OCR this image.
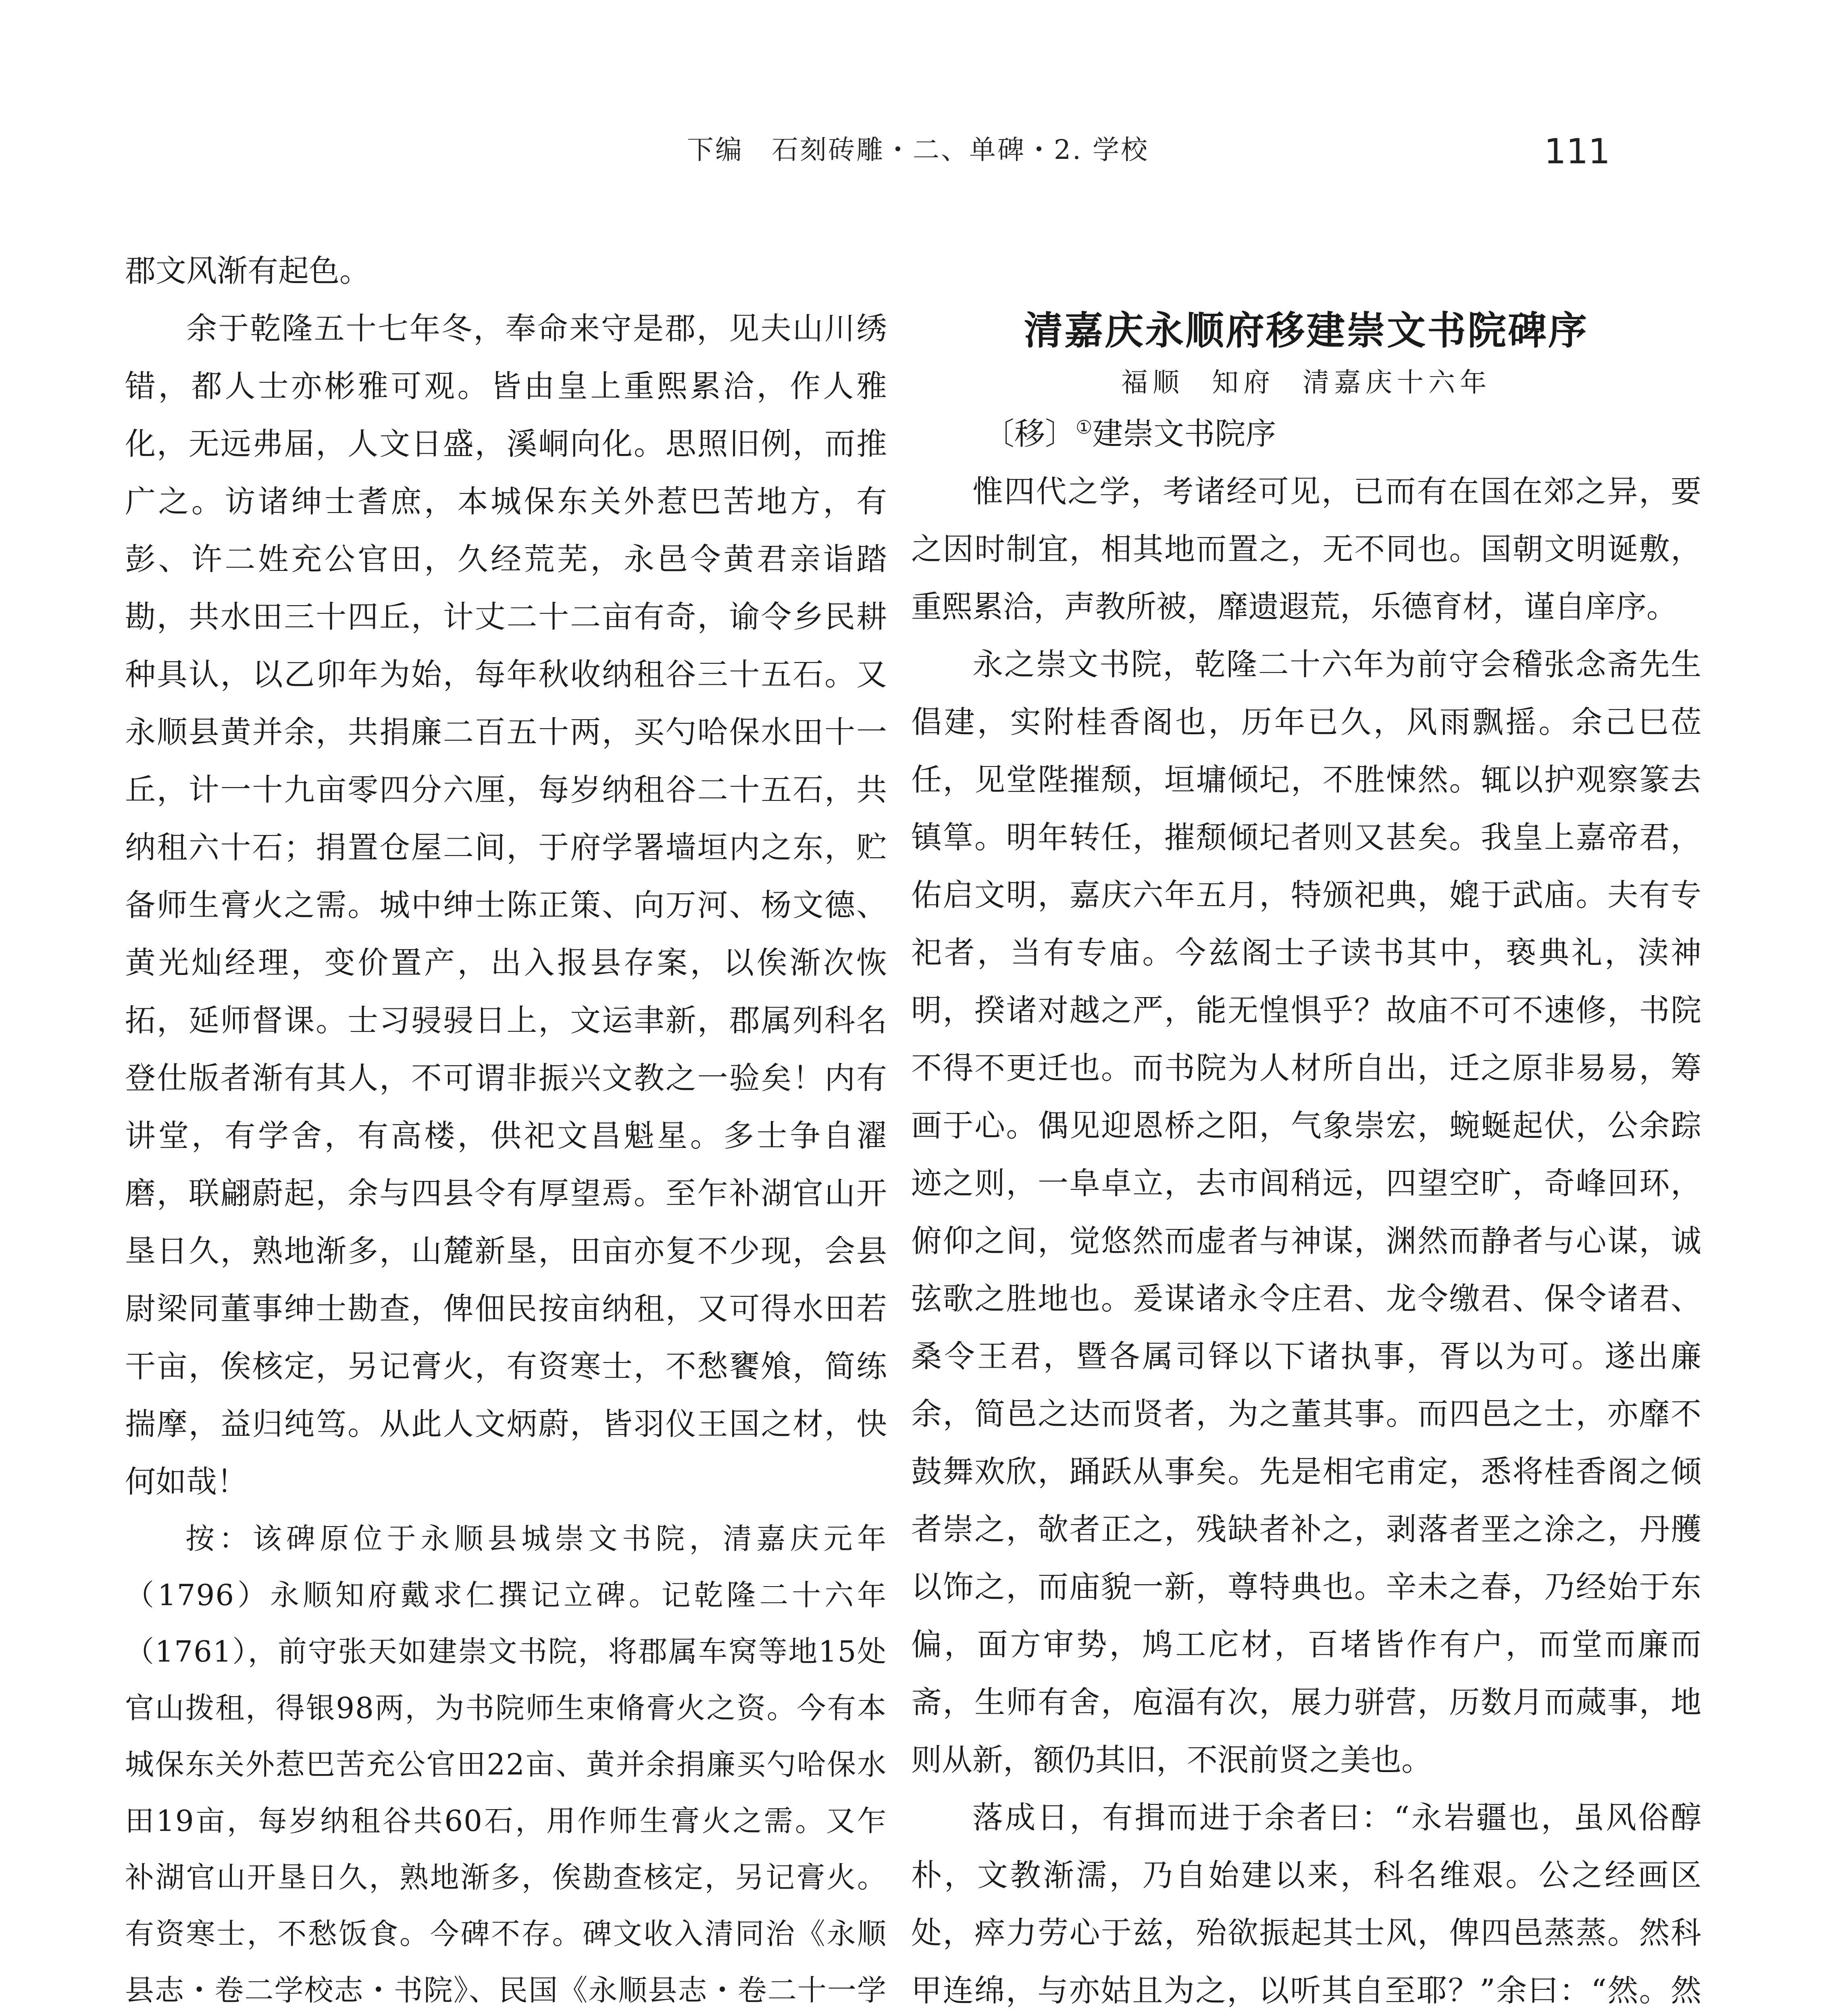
下编 石刻砖雕・二、单碑・2. 学校	111

郡文风渐有起色。

余于乾隆五十七年冬，奉命来守是郡，见夫山川绣错，都人士亦彬雅可观。皆由皇上重熙累洽，作人雅化，无远弗届，人文日盛，溪峒向化。思照旧例，而推广之。访诸绅士耆庶，本城保东关外惹巴苦地方，有彭、许二姓充公官田，久经荒芜，永邑令黄君亲诣踏勘，共水田三十四丘，计丈二十二亩有奇，谕令乡民耕种具认，以乙卯年为始，每年秋收纳租谷三十五石。又永顺县黄并余，共捐廉二百五十两，买勺哈保水田十一丘，计一十九亩零四分六厘，每岁纳租谷二十五石，共纳租六十石；捐置仓屋二间，于府学署墙垣内之东，贮备师生膏火之需。城中绅士陈正策、向万河、杨文德、黄光灿经理，变价置产，出入报县存案，以俟渐次恢拓，延师督课。士习骎骎日上，文运聿新，郡属列科名登仕版者渐有其人，不可谓非振兴文教之一验矣！内有讲堂，有学舍，有高楼，供祀文昌魁星。多士争自濯磨，联翩蔚起，余与四县令有厚望焉。至乍补湖官山开垦日久，熟地渐多，山麓新垦，田亩亦复不少现，会县尉梁同董事绅士勘查，俾佃民按亩纳租，又可得水田若干亩，俟核定，另记膏火，有资寒士，不愁饔飧，简练揣摩，益归纯笃。从此人文炳蔚，皆羽仪王国之材，快何如哉！

按：该碑原位于永顺县城崇文书院，清嘉庆元年（1796）永顺知府戴求仁撰记立碑。记乾隆二十六年（1761），前守张天如建崇文书院，将郡属车窝等地15处官山拨租，得银98两，为书院师生束脩膏火之资。今有本城保东关外惹巴苦充公官田22亩、黄并余捐廉买勺哈保水田19亩，每岁纳租谷共60石，用作师生膏火之需。又乍补湖官山开垦日久，熟地渐多，俟勘查核定，另记膏火。有资寒士，不愁饭食。今碑不存。碑文收入清同治《永顺县志・卷二学校志・书院》、民国《永顺县志・卷二十一学

清嘉庆永顺府移建崇文书院碑序
福顺 知府 清嘉庆十六年

〔移〕①建崇文书院序

惟四代之学，考诸经可见，已而有在国在郊之异，要之因时制宜，相其地而置之，无不同也。国朝文明诞敷，重熙累洽，声教所被，靡遗遐荒，乐德育材，谨自庠序。

永之崇文书院，乾隆二十六年为前守会稽张念斋先生倡建，实附桂香阁也，历年已久，风雨飘摇。余己巳莅任，见堂陛摧颓，垣墉倾圮，不胜悚然。辄以护观察篆去镇筸。明年转任，摧颓倾圮者则又甚矣。我皇上嘉帝君，佑启文明，嘉庆六年五月，特颁祀典，媲于武庙。夫有专祀者，当有专庙。今兹阁士子读书其中，亵典礼，渎神明，揆诸对越之严，能无惶惧乎？故庙不可不速修，书院不得不更迁也。而书院为人材所自出，迁之原非易易，筹画于心。偶见迎恩桥之阳，气象崇宏，蜿蜒起伏，公余踪迹之则，一阜卓立，去市闾稍远，四望空旷，奇峰回环，俯仰之间，觉悠然而虚者与神谋，渊然而静者与心谋，诚弦歌之胜地也。爰谋诸永令庄君、龙令缴君、保令诸君、桑令王君，暨各属司铎以下诸执事，胥以为可。遂出廉余，简邑之达而贤者，为之董其事。而四邑之士，亦靡不鼓舞欢欣，踊跃从事矣。先是相宅甫定，悉将桂香阁之倾者崇之，欹者正之，残缺者补之，剥落者垩之涂之，丹雘以饰之，而庙貌一新，尊特典也。辛未之春，乃经始于东偏，面方审势，鸠工庀材，百堵皆作有户，而堂而廉而斋，生师有舍，庖湢有次，展力骈营，历数月而蒇事，地则从新，额仍其旧，不泯前贤之美也。

落成日，有揖而进于余者曰：“永岩疆也，虽风俗醇朴，文教渐濡，乃自始建以来，科名维艰。公之经画区处，瘁力劳心于兹，殆欲振起其士风，俾四邑蒸蒸。然科甲连绵，与亦姑且为之，以听其自至耶？”余曰：“然。然
